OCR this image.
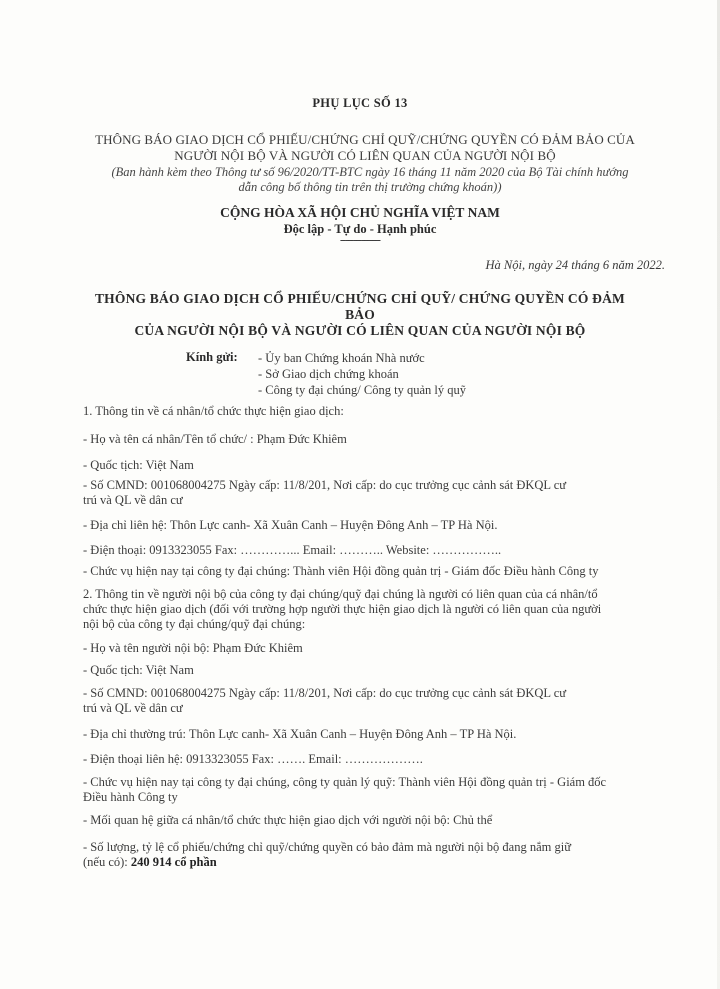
PHỤ LỤC SỐ 13
THÔNG BÁO GIAO DỊCH CỔ PHIẾU/CHỨNG CHỈ QUỸ/CHỨNG QUYỀN CÓ ĐẢM BẢO CỦA
NGƯỜI NỘI BỘ VÀ NGƯỜI CÓ LIÊN QUAN CỦA NGƯỜI NỘI BỘ
(Ban hành kèm theo Thông tư số 96/2020/TT-BTC ngày 16 tháng 11 năm 2020 của Bộ Tài chính hướng
dẫn công bố thông tin trên thị trường chứng khoán))
CỘNG HÒA XÃ HỘI CHỦ NGHĨA VIỆT NAM
Độc lập - Tự do - Hạnh phúc
---------------
Hà Nội, ngày 24 tháng 6 năm 2022.
THÔNG BÁO GIAO DỊCH CỔ PHIẾU/CHỨNG CHỈ QUỸ/ CHỨNG QUYỀN CÓ ĐẢM BẢO
CỦA NGƯỜI NỘI BỘ VÀ NGƯỜI CÓ LIÊN QUAN CỦA NGƯỜI NỘI BỘ
Kính gửi: - Ủy ban Chứng khoán Nhà nước
- Sở Giao dịch chứng khoán
- Công ty đại chúng/ Công ty quản lý quỹ
1. Thông tin về cá nhân/tổ chức thực hiện giao dịch:
- Họ và tên cá nhân/Tên tổ chức/ : Phạm Đức Khiêm
- Quốc tịch: Việt Nam
- Số CMND: 001068004275 Ngày cấp: 11/8/201, Nơi cấp: do cục trưởng cục cảnh sát ĐKQL cư
trú và QL về dân cư
- Địa chỉ liên hệ: Thôn Lực canh- Xã Xuân Canh – Huyện Đông Anh – TP Hà Nội.
- Điện thoại: 0913323055 Fax: …………... Email: ……….. Website: ……………..
- Chức vụ hiện nay tại công ty đại chúng: Thành viên Hội đồng quản trị - Giám đốc Điều hành Công ty
2. Thông tin về người nội bộ của công ty đại chúng/quỹ đại chúng là người có liên quan của cá nhân/tổ
chức thực hiện giao dịch (đối với trường hợp người thực hiện giao dịch là người có liên quan của người
nội bộ của công ty đại chúng/quỹ đại chúng:
- Họ và tên người nội bộ: Phạm Đức Khiêm
- Quốc tịch: Việt Nam
- Số CMND: 001068004275 Ngày cấp: 11/8/201, Nơi cấp: do cục trưởng cục cảnh sát ĐKQL cư
trú và QL về dân cư
- Địa chỉ thường trú: Thôn Lực canh- Xã Xuân Canh – Huyện Đông Anh – TP Hà Nội.
- Điện thoại liên hệ: 0913323055 Fax: ……. Email: ……………….
- Chức vụ hiện nay tại công ty đại chúng, công ty quản lý quỹ: Thành viên Hội đồng quản trị - Giám đốc
Điều hành Công ty
- Mối quan hệ giữa cá nhân/tổ chức thực hiện giao dịch với người nội bộ: Chủ thể
- Số lượng, tỷ lệ cổ phiếu/chứng chỉ quỹ/chứng quyền có bảo đảm mà người nội bộ đang nắm giữ
(nếu có): 240 914 cổ phần
